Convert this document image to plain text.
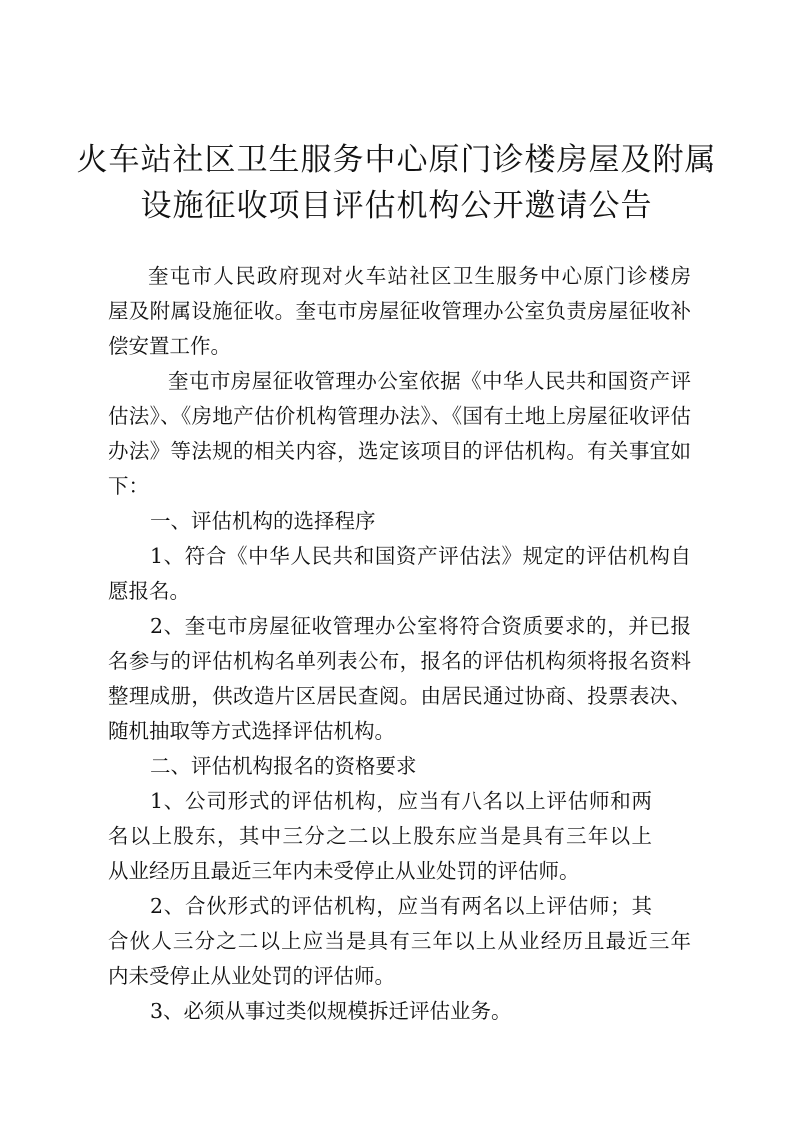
火车站社区卫生服务中心原门诊楼房屋及附属
设施征收项目评估机构公开邀请公告

奎屯市人民政府现对火车站社区卫生服务中心原门诊楼房

屋及附属设施征收。奎屯市房屋征收管理办公室负责房屋征收补

偿安置工作。

奎屯市房屋征收管理办公室依据《中华人民共和国资产评

估法》、《房地产估价机构管理办法》、《国有土地上房屋征收评估

办法》等法规的相关内容，选定该项目的评估机构。有关事宜如

下：

一、评估机构的选择程序

1、符合《中华人民共和国资产评估法》规定的评估机构自

愿报名。

2、奎屯市房屋征收管理办公室将符合资质要求的，并已报

名参与的评估机构名单列表公布，报名的评估机构须将报名资料

整理成册，供改造片区居民查阅。由居民通过协商、投票表决、

随机抽取等方式选择评估机构。

二、评估机构报名的资格要求

1、公司形式的评估机构，应当有八名以上评估师和两

名以上股东，其中三分之二以上股东应当是具有三年以上

从业经历且最近三年内未受停止从业处罚的评估师。

2、合伙形式的评估机构，应当有两名以上评估师；其

合伙人三分之二以上应当是具有三年以上从业经历且最近三年

内未受停止从业处罚的评估师。

3、必须从事过类似规模拆迁评估业务。
